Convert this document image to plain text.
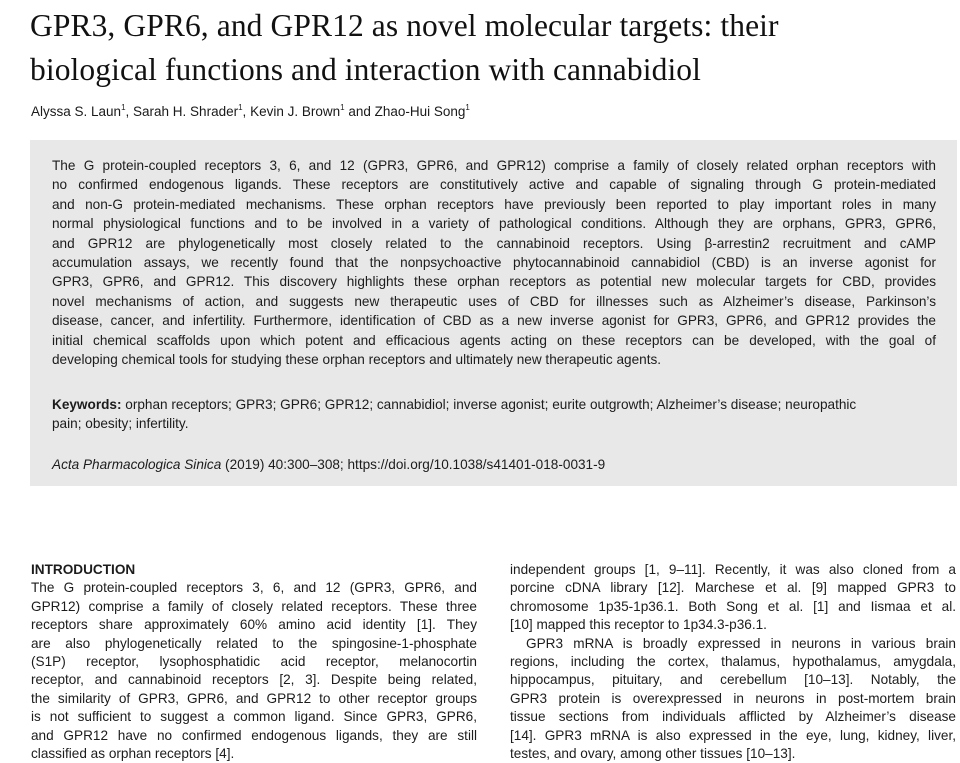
GPR3, GPR6, and GPR12 as novel molecular targets: their
biological functions and interaction with cannabidiol
Alyssa S. Laun$^1$, Sarah H. Shrader$^1$, Kevin J. Brown$^1$ and Zhao-Hui Song$^1$
The G protein-coupled receptors 3, 6, and 12 (GPR3, GPR6, and GPR12) comprise a family of closely related orphan receptors with
no confirmed endogenous ligands. These receptors are constitutively active and capable of signaling through G protein-mediated
and non-G protein-mediated mechanisms. These orphan receptors have previously been reported to play important roles in many
normal physiological functions and to be involved in a variety of pathological conditions. Although they are orphans, GPR3, GPR6,
and GPR12 are phylogenetically most closely related to the cannabinoid receptors. Using β-arrestin2 recruitment and cAMP
accumulation assays, we recently found that the nonpsychoactive phytocannabinoid cannabidiol (CBD) is an inverse agonist for
GPR3, GPR6, and GPR12. This discovery highlights these orphan receptors as potential new molecular targets for CBD, provides
novel mechanisms of action, and suggests new therapeutic uses of CBD for illnesses such as Alzheimer’s disease, Parkinson’s
disease, cancer, and infertility. Furthermore, identification of CBD as a new inverse agonist for GPR3, GPR6, and GPR12 provides the
initial chemical scaffolds upon which potent and efficacious agents acting on these receptors can be developed, with the goal of
developing chemical tools for studying these orphan receptors and ultimately new therapeutic agents.
Keywords: orphan receptors; GPR3; GPR6; GPR12; cannabidiol; inverse agonist; eurite outgrowth; Alzheimer’s disease; neuropathic
pain; obesity; infertility.
Acta Pharmacologica Sinica (2019) 40:300–308; https://doi.org/10.1038/s41401-018-0031-9
INTRODUCTION
The G protein-coupled receptors 3, 6, and 12 (GPR3, GPR6, and
GPR12) comprise a family of closely related receptors. These three
receptors share approximately 60% amino acid identity [1]. They
are also phylogenetically related to the spingosine-1-phosphate
(S1P) receptor, lysophosphatidic acid receptor, melanocortin
receptor, and cannabinoid receptors [2, 3]. Despite being related,
the similarity of GPR3, GPR6, and GPR12 to other receptor groups
is not sufficient to suggest a common ligand. Since GPR3, GPR6,
and GPR12 have no confirmed endogenous ligands, they are still
classified as orphan receptors [4].
independent groups [1, 9–11]. Recently, it was also cloned from a
porcine cDNA library [12]. Marchese et al. [9] mapped GPR3 to
chromosome 1p35-1p36.1. Both Song et al. [1] and Iismaa et al.
[10] mapped this receptor to 1p34.3-p36.1.
GPR3 mRNA is broadly expressed in neurons in various brain
regions, including the cortex, thalamus, hypothalamus, amygdala,
hippocampus, pituitary, and cerebellum [10–13]. Notably, the
GPR3 protein is overexpressed in neurons in post-mortem brain
tissue sections from individuals afflicted by Alzheimer’s disease
[14]. GPR3 mRNA is also expressed in the eye, lung, kidney, liver,
testes, and ovary, among other tissues [10–13].
